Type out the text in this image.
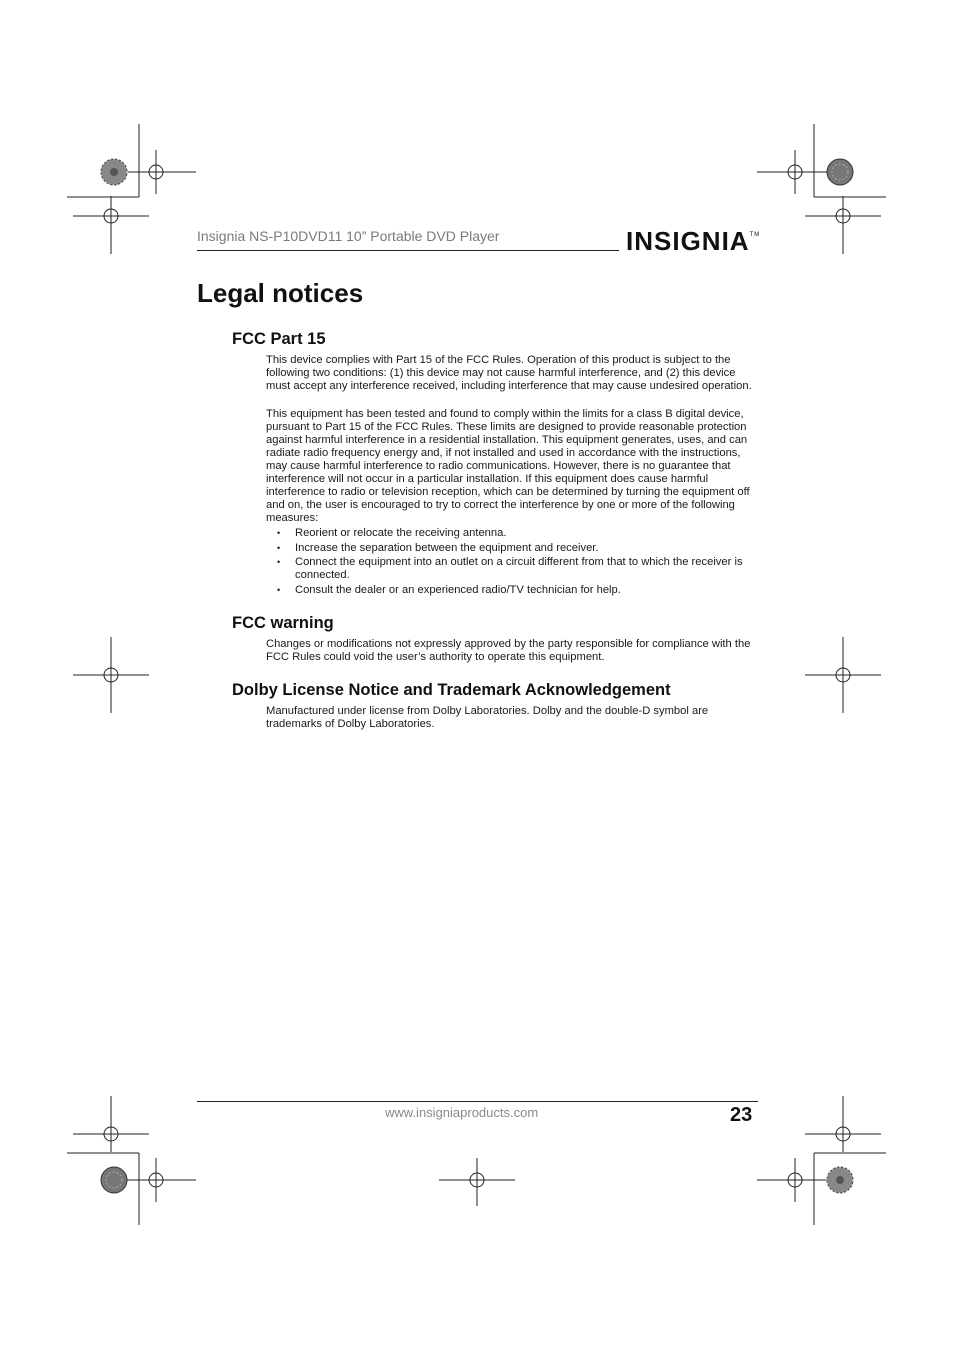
Insignia NS-P10DVD11 10” Portable DVD Player	INSIGNIA™
Legal notices
FCC Part 15

This device complies with Part 15 of the FCC Rules. Operation of this product is subject to the following two conditions: (1) this device may not cause harmful interference, and (2) this device must accept any interference received, including interference that may cause undesired operation.

This equipment has been tested and found to comply within the limits for a class B digital device, pursuant to Part 15 of the FCC Rules. These limits are designed to provide reasonable protection against harmful interference in a residential installation. This equipment generates, uses, and can radiate radio frequency energy and, if not installed and used in accordance with the instructions, may cause harmful interference to radio communications. However, there is no guarantee that interference will not occur in a particular installation. If this equipment does cause harmful interference to radio or television reception, which can be determined by turning the equipment off and on, the user is encouraged to try to correct the interference by one or more of the following measures:

• Reorient or relocate the receiving antenna.
• Increase the separation between the equipment and receiver.
• Connect the equipment into an outlet on a circuit different from that to which the receiver is connected.
• Consult the dealer or an experienced radio/TV technician for help.
FCC warning

Changes or modifications not expressly approved by the party responsible for compliance with the FCC Rules could void the user’s authority to operate this equipment.

Dolby License Notice and Trademark Acknowledgement

Manufactured under license from Dolby Laboratories. Dolby and the double-D symbol are trademarks of Dolby Laboratories.

www.insigniaproducts.com	23
